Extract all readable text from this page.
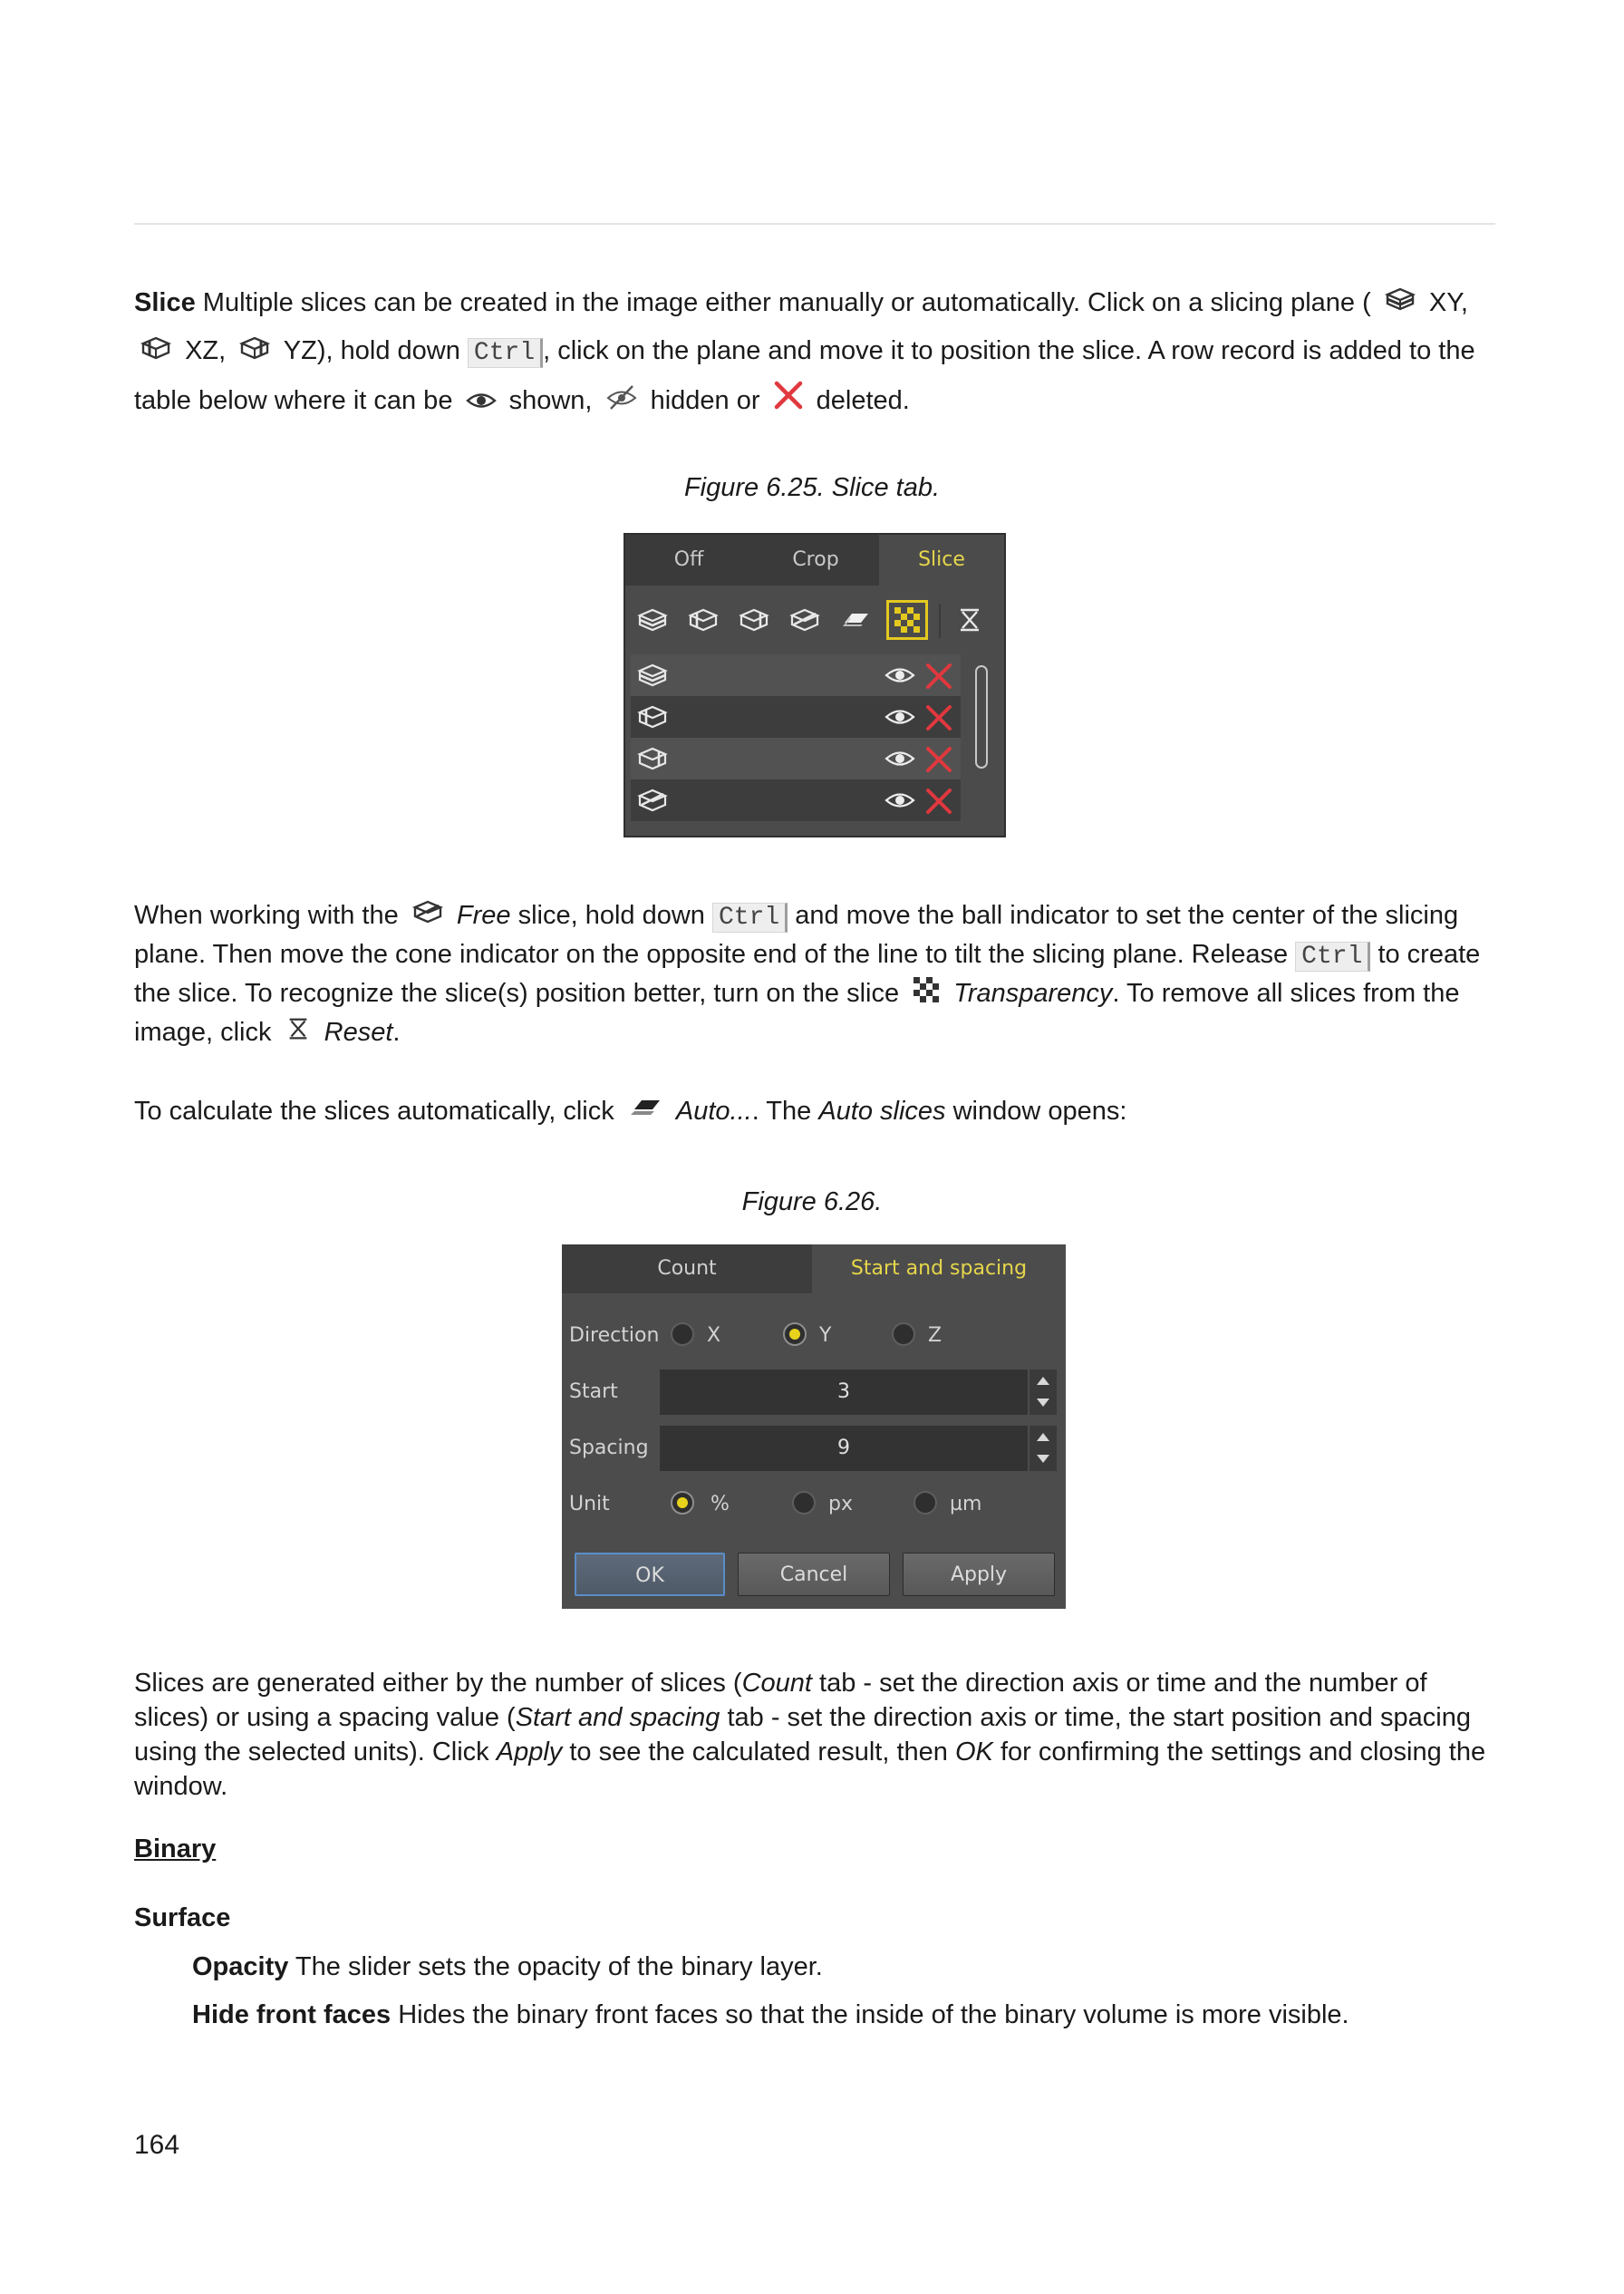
Slice Multiple slices can be created in the image either manually or automatically. Click on a slicing plane ( XY,
XZ, YZ), hold down Ctrl , click on the plane and move it to position the slice. A row record is added to the table below where it can be shown, hidden or deleted.
Figure 6.25. Slice tab.
Off	Crop	Slice
When working with the Free slice, hold down Ctrl and move the ball indicator to set the center of the slicing plane. Then move the cone indicator on the opposite end of the line to tilt the slicing plane. Release Ctrl to create the slice. To recognize the slice(s) position better, turn on the slice Transparency. To remove all slices from the image, click Reset.
To calculate the slices automatically, click Auto.... The Auto slices window opens:
Figure 6.26.
Count	Start and spacing
Direction X	Y	Z
Start	3
Spacing	9
Unit	%	px	µm
OK	Cancel	Apply
Slices are generated either by the number of slices (Count tab - set the direction axis or time and the number of slices) or using a spacing value (Start and spacing tab - set the direction axis or time, the start position and spacing using the selected units). Click Apply to see the calculated result, then OK for confirming the settings and closing the window.
Binary
Surface
Opacity The slider sets the opacity of the binary layer.
Hide front faces Hides the binary front faces so that the inside of the binary volume is more visible.
164
